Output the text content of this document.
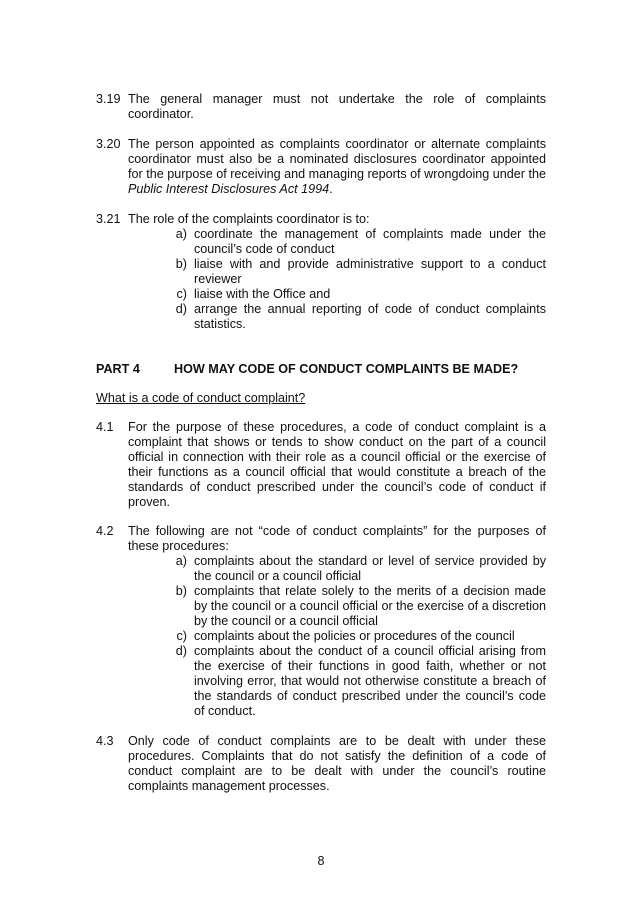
3.19 The general manager must not undertake the role of complaints coordinator.

3.20 The person appointed as complaints coordinator or alternate complaints coordinator must also be a nominated disclosures coordinator appointed for the purpose of receiving and managing reports of wrongdoing under the Public Interest Disclosures Act 1994.

3.21 The role of the complaints coordinator is to:

a) coordinate the management of complaints made under the council’s code of conduct
b) liaise with and provide administrative support to a conduct reviewer
c) liaise with the Office and
d) arrange the annual reporting of code of conduct complaints statistics.
PART 4	HOW MAY CODE OF CONDUCT COMPLAINTS BE MADE?
What is a code of conduct complaint?
4.1 For the purpose of these procedures, a code of conduct complaint is a complaint that shows or tends to show conduct on the part of a council official in connection with their role as a council official or the exercise of their functions as a council official that would constitute a breach of the standards of conduct prescribed under the council’s code of conduct if proven.

4.2 The following are not “code of conduct complaints” for the purposes of these procedures:

a) complaints about the standard or level of service provided by the council or a council official
b) complaints that relate solely to the merits of a decision made by the council or a council official or the exercise of a discretion by the council or a council official
c) complaints about the policies or procedures of the council
d) complaints about the conduct of a council official arising from the exercise of their functions in good faith, whether or not involving error, that would not otherwise constitute a breach of the standards of conduct prescribed under the council’s code of conduct.
4.3 Only code of conduct complaints are to be dealt with under these procedures. Complaints that do not satisfy the definition of a code of conduct complaint are to be dealt with under the council’s routine complaints management processes.

8
